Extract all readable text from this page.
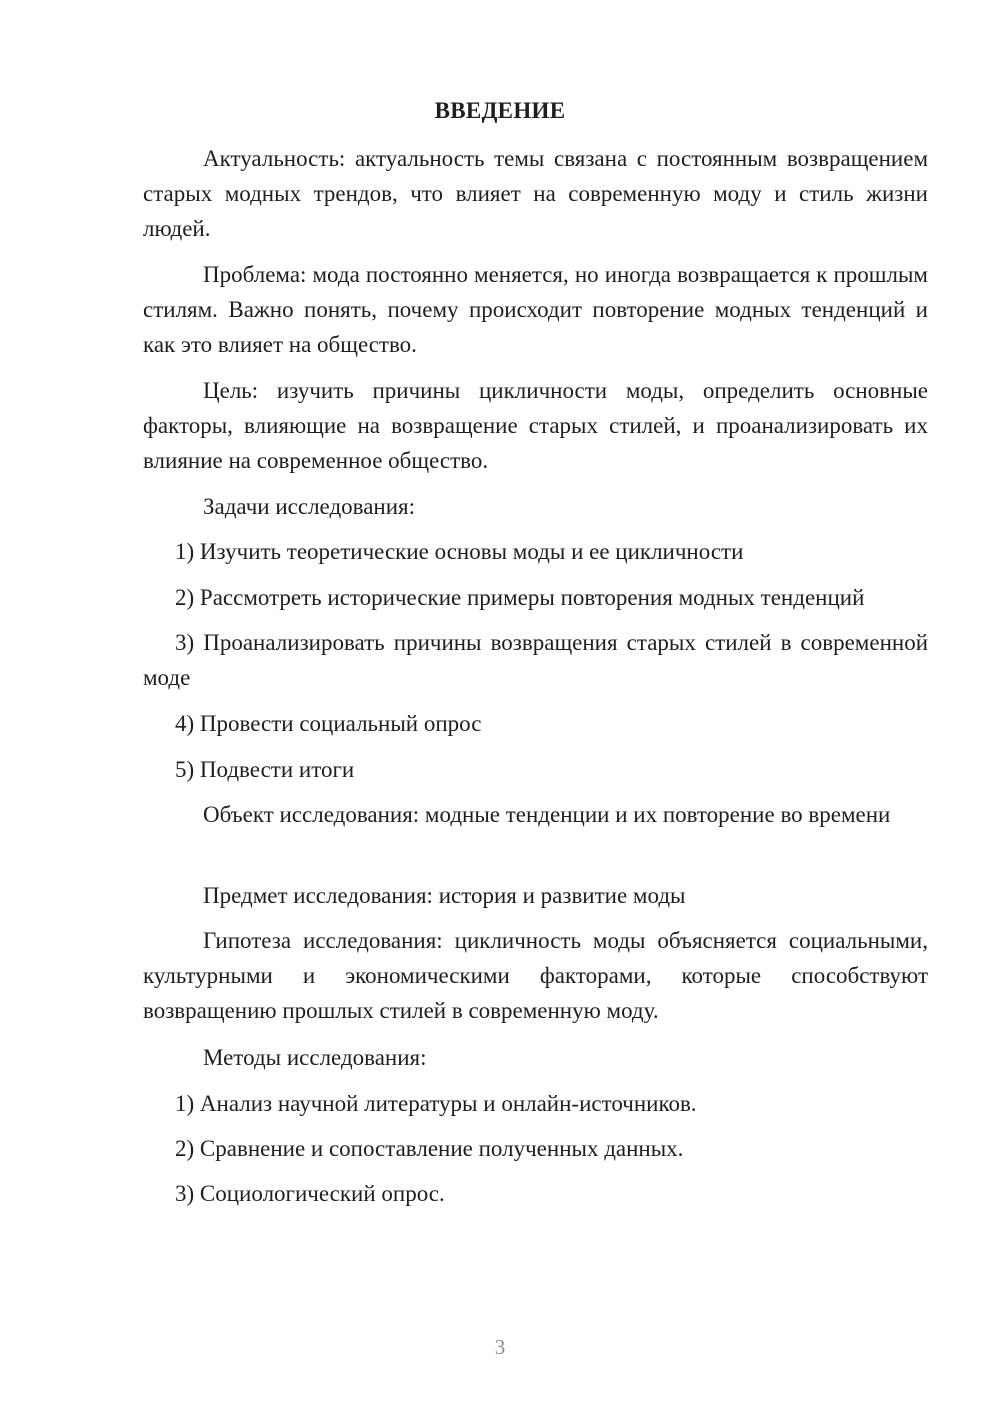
ВВЕДЕНИЕ

Актуальность: актуальность темы связана с постоянным возвращением старых модных трендов, что влияет на современную моду и стиль жизни людей.

Проблема: мода постоянно меняется, но иногда возвращается к прошлым стилям. Важно понять, почему происходит повторение модных тенденций и как это влияет на общество.

Цель: изучить причины цикличности моды, определить основные факторы, влияющие на возвращение старых стилей, и проанализировать их влияние на современное общество.

Задачи исследования:

1) Изучить теоретические основы моды и ее цикличности

2) Рассмотреть исторические примеры повторения модных тенденций

3) Проанализировать причины возвращения старых стилей в современной моде

4) Провести социальный опрос

5) Подвести итоги

Объект исследования: модные тенденции и их повторение во времени

Предмет исследования: история и развитие моды

Гипотеза исследования: цикличность моды объясняется социальными, культурными и экономическими факторами, которые способствуют возвращению прошлых стилей в современную моду.

Методы исследования:

1) Анализ научной литературы и онлайн-источников.

2) Сравнение и сопоставление полученных данных.

3) Социологический опрос.

3
